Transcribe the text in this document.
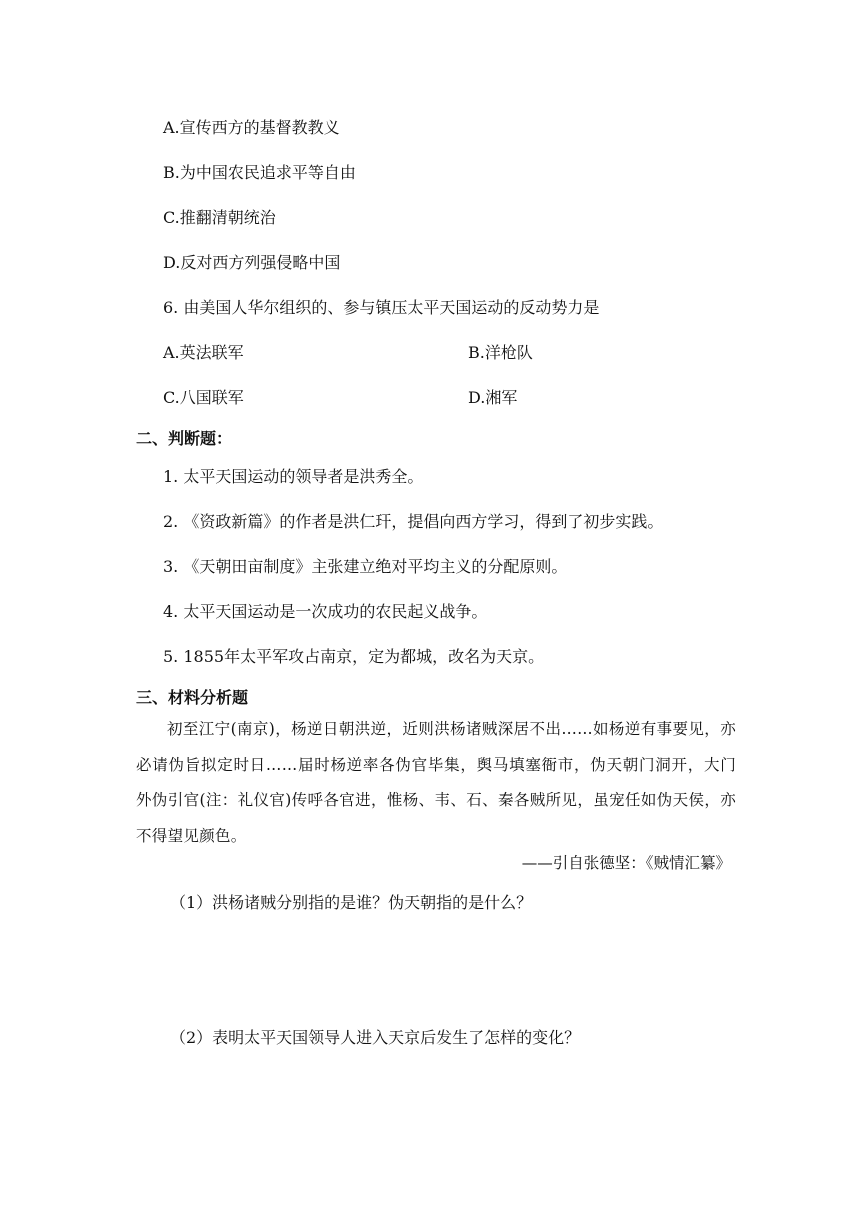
A.宣传西方的基督教教义
B.为中国农民追求平等自由
C.推翻清朝统治
D.反对西方列强侵略中国
6. 由美国人华尔组织的、参与镇压太平天国运动的反动势力是
A.英法联军	B.洋枪队
C.八国联军	D.湘军
二、判断题：
1. 太平天国运动的领导者是洪秀全。
2. 《资政新篇》的作者是洪仁玕，提倡向西方学习，得到了初步实践。
3. 《天朝田亩制度》主张建立绝对平均主义的分配原则。
4. 太平天国运动是一次成功的农民起义战争。
5. 1855年太平军攻占南京，定为都城，改名为天京。
三、材料分析题
初至江宁(南京)，杨逆日朝洪逆，近则洪杨诸贼深居不出……如杨逆有事要见，亦必请伪旨拟定时日……届时杨逆率各伪官毕集，舆马填塞衙市，伪天朝门洞开，大门外伪引官(注：礼仪官)传呼各官进，惟杨、韦、石、秦各贼所见，虽宠任如伪天侯，亦不得望见颜色。
——引自张德坚：《贼情汇纂》
（1）洪杨诸贼分别指的是谁？伪天朝指的是什么？
（2）表明太平天国领导人进入天京后发生了怎样的变化？
